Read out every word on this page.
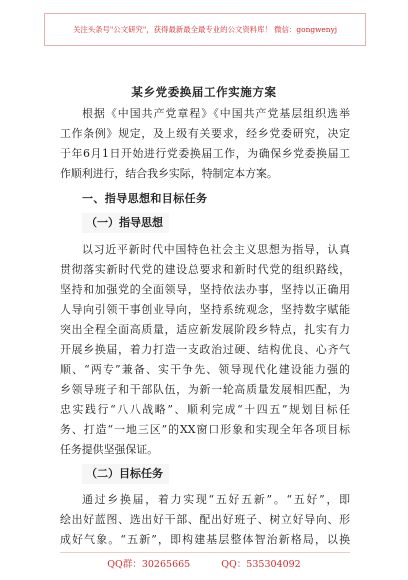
关注头条号"公文研究"，获得最新最全最专业的公文资料库！ 微信：gongwenyj
某乡党委换届工作实施方案
根据《中国共产党章程》《中国共产党基层组织选举
工作条例》规定，及上级有关要求，经乡党委研究，决定
于年6月1日开始进行党委换届工作，为确保乡党委换届工
作顺利进行，结合我乡实际，特制定本方案。
一、指导思想和目标任务
（一）指导思想
以习近平新时代中国特色社会主义思想为指导，认真
贯彻落实新时代党的建设总要求和新时代党的组织路线，
坚持和加强党的全面领导，坚持依法办事，坚持以正确用
人导向引领干事创业导向，坚持系统观念，坚持数字赋能
突出全程全面高质量，适应新发展阶段乡特点，扎实有力
开展乡换届，着力打造一支政治过硬、结构优良、心齐气
顺、“两专”兼备、实干争先、领导现代化建设能力强的
乡领导班子和干部队伍，为新一轮高质量发展相匹配，为
忠实践行“八八战略”、顺利完成“十四五”规划目标任
务、打造“一地三区”的XX窗口形象和实现全年各项目标
任务提供坚强保证。
（二）目标任务
通过乡换届，着力实现“五好五新”。“五好”，即
绘出好蓝图、选出好干部、配出好班子、树立好导向、形
成好气象。“五新”，即构建基层整体智治新格局，以换
QQ群：30265665	QQ：535304092
